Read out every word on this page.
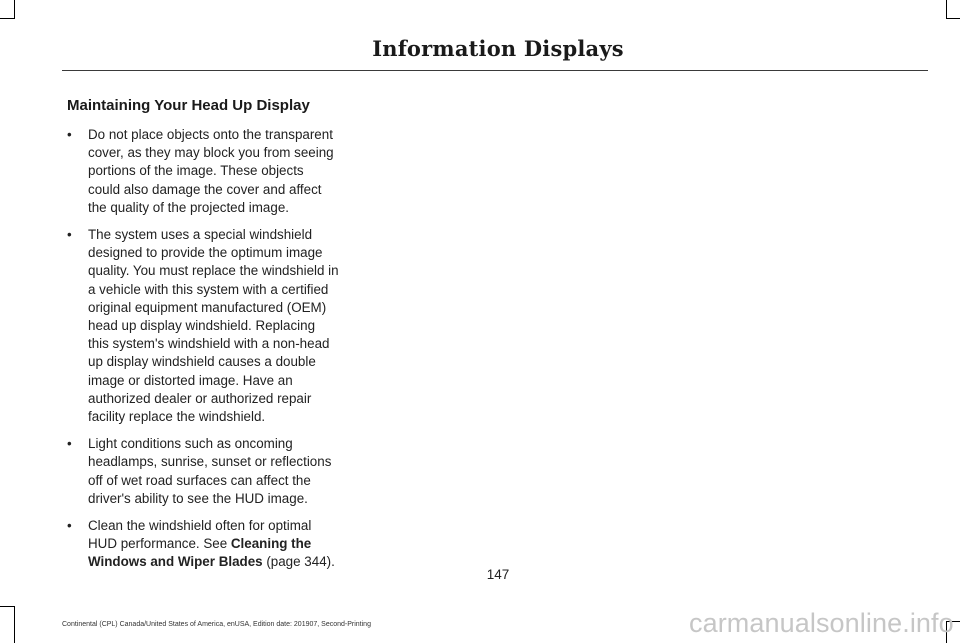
Information Displays
Maintaining Your Head Up Display
• Do not place objects onto the transparent cover, as they may block you from seeing portions of the image. These objects could also damage the cover and affect the quality of the projected image.
• The system uses a special windshield designed to provide the optimum image quality. You must replace the windshield in a vehicle with this system with a certified original equipment manufactured (OEM) head up display windshield. Replacing this system's windshield with a non-head up display windshield causes a double image or distorted image. Have an authorized dealer or authorized repair facility replace the windshield.
• Light conditions such as oncoming headlamps, sunrise, sunset or reflections off of wet road surfaces can affect the driver's ability to see the HUD image.
• Clean the windshield often for optimal HUD performance. See Cleaning the Windows and Wiper Blades (page 344).
147
Continental (CPL) Canada/United States of America, enUSA, Edition date: 201907, Second-Printing	carmanualsonline.info
